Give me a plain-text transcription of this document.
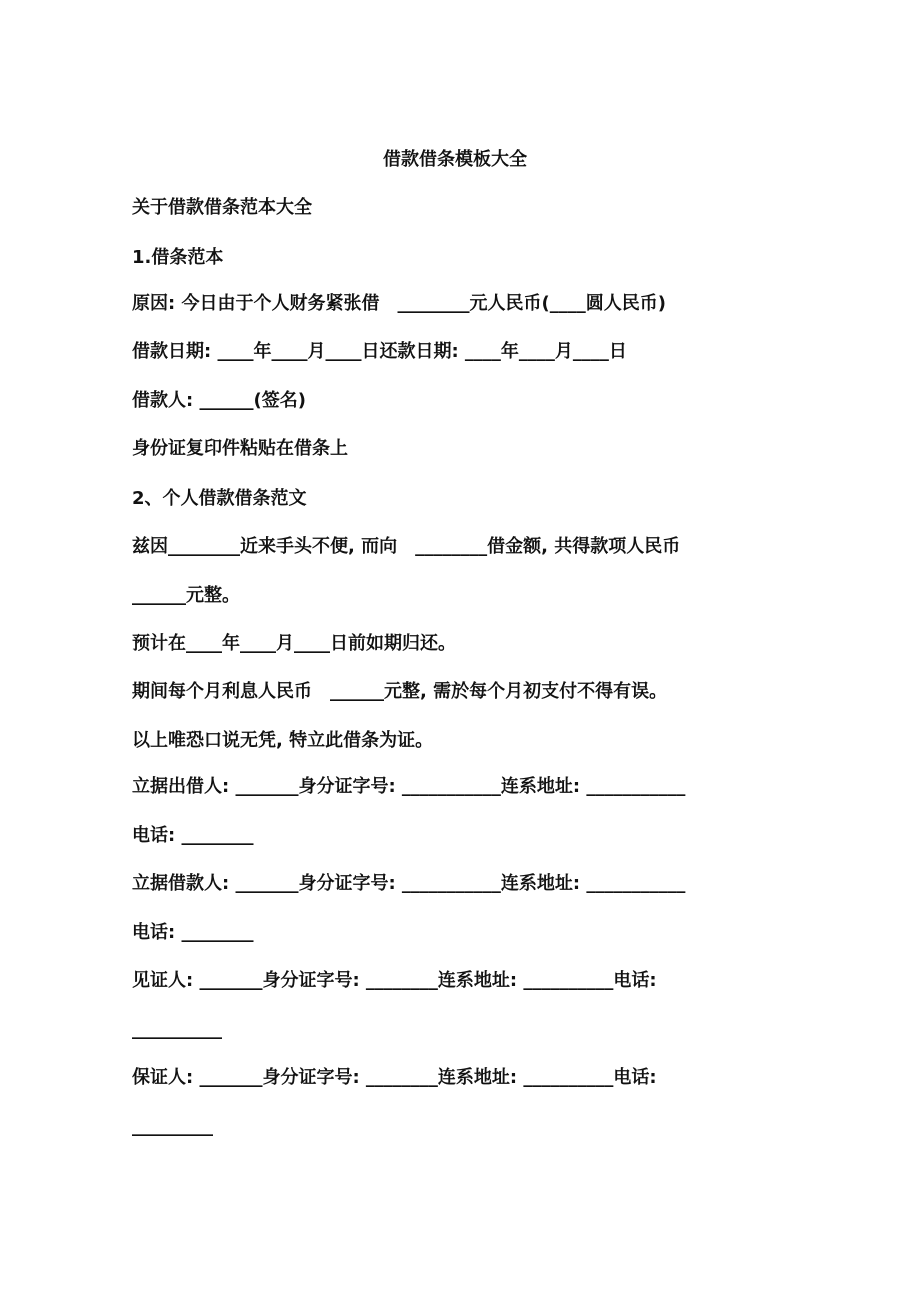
借款借条模板大全
关于借款借条范本大全
1.借条范本
原因: 今日由于个人财务紧张借　________元人民币(____圆人民币)
借款日期: ____年____月____日还款日期: ____年____月____日
借款人: ______(签名)
身份证复印件粘贴在借条上
2、个人借款借条范文
兹因________近来手头不便, 而向　________借金额, 共得款项人民币
______元整。
预计在____年____月____日前如期归还。
期间每个月利息人民币　______元整, 需於每个月初支付不得有误。
以上唯恐口说无凭, 特立此借条为证。
立据出借人: _______身分证字号: ___________连系地址: ___________
电话: ________
立据借款人: _______身分证字号: ___________连系地址: ___________
电话: ________
见证人: _______身分证字号: ________连系地址: __________电话:
__________
保证人: _______身分证字号: ________连系地址: __________电话:
_________
